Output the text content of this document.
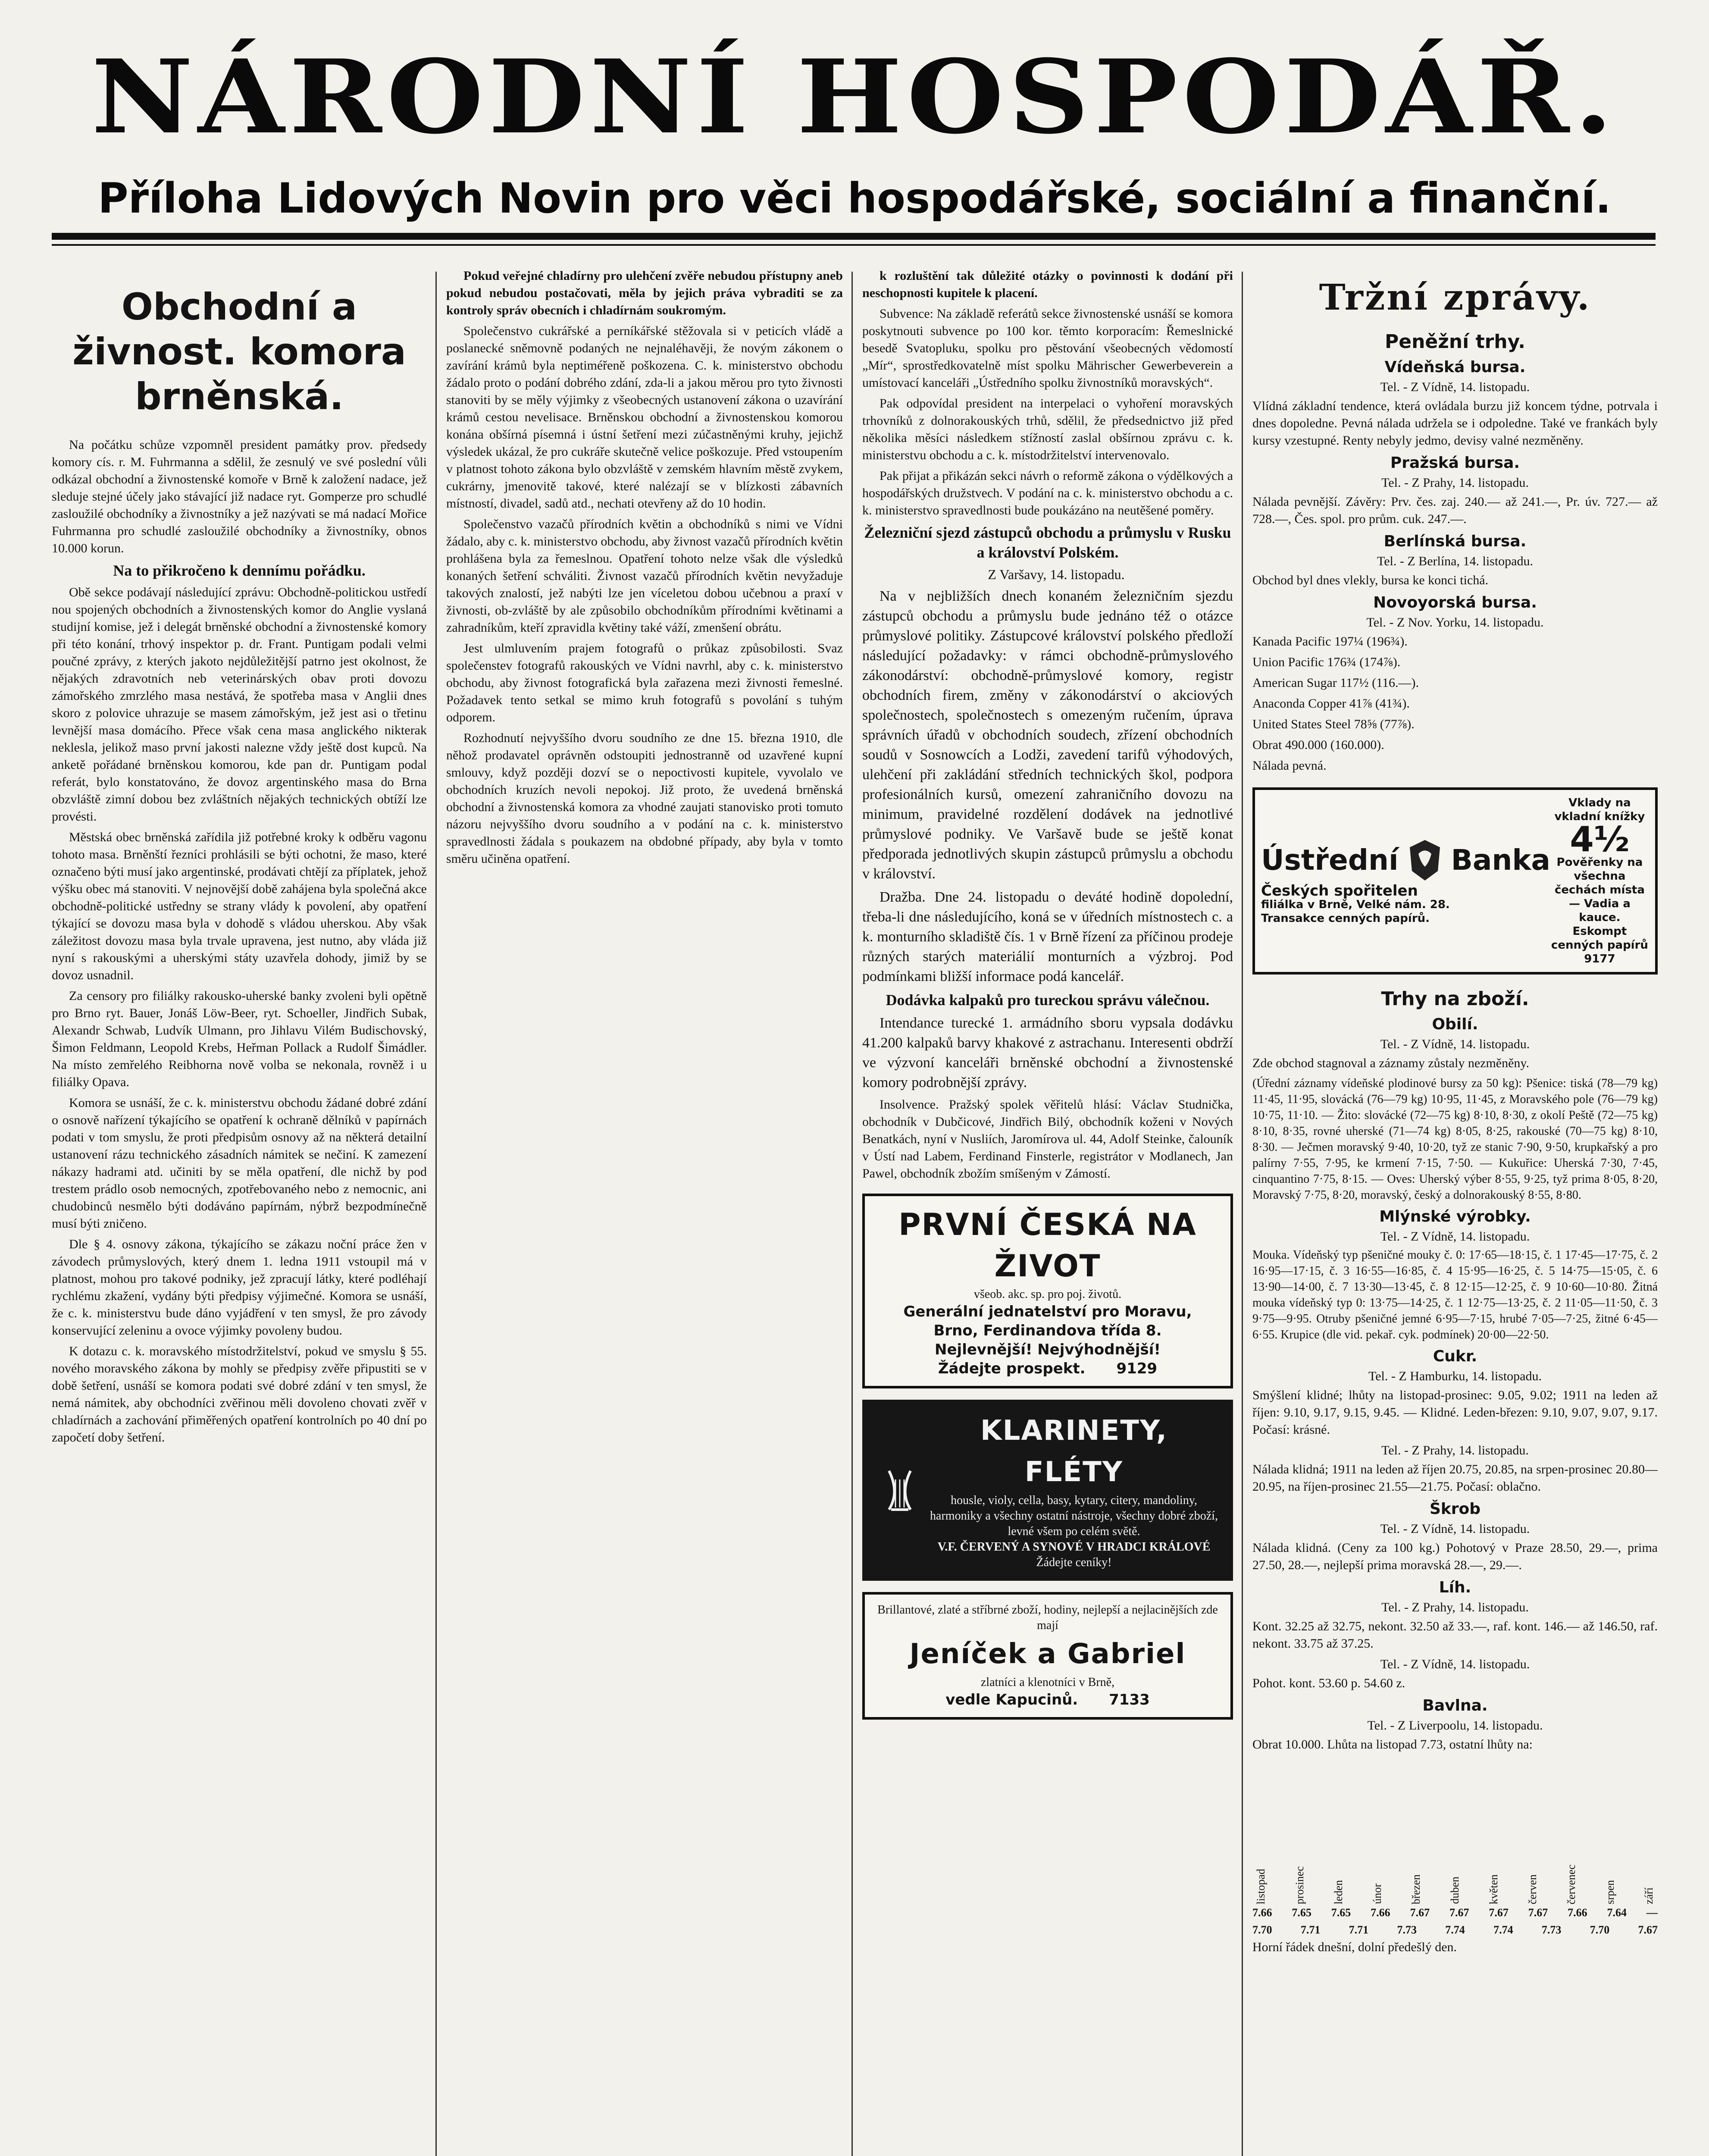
NÁRODNÍ HOSPODÁŘ.
Příloha Lidových Novin pro věci hospodářské, sociální a finanční.
Obchodní a živnost. komora brněnská.

Na počátku schůze vzpomněl president památky prov. předsedy komory cís. r. M. Fuhrmanna a sdělil, že zesnulý ve své poslední vůli odkázal obchodní a živnostenské komoře v Brně k založení nadace, jež sleduje stejné účely jako stávající již nadace ryt. Gomperze pro schudlé zasloužilé obchodníky a živnostníky a jež nazývati se má nadací Mořice Fuhrmanna pro schudlé zasloužilé obchodníky a živnostníky, obnos 10.000 korun.

Na to přikročeno k dennímu pořádku.

Obě sekce podávají následující zprávu: Obchodně-politickou ustředí nou spojených obchodních a živnostenských komor do Anglie vyslaná studijní komise, jež i delegát brněnské obchodní a živnostenské komory při této konání, trhový inspektor p. dr. Frant. Puntigam podali velmi poučné zprávy, z kterých jakoto nejdůležitější patrno jest okolnost, že nějakých zdravotních neb veterinárských obav proti dovozu zámořského zmrzlého masa nestává, že spotřeba masa v Anglii dnes skoro z polovice uhrazuje se masem zámořským, jež jest asi o třetinu levnější masa domácího. Přece však cena masa anglického nikterak neklesla, jelikož maso první jakosti nalezne vždy ještě dost kupců. Na anketě pořádané brněnskou komorou, kde pan dr. Puntigam podal referát, bylo konstatováno, že dovoz argentinského masa do Brna obzvláště zimní dobou bez zvláštních nějakých technických obtíží lze provésti.

Městská obec brněnská zařídila již potřebné kroky k odběru vagonu tohoto masa. Brněnští řezníci prohlásili se býti ochotni, že maso, které označeno býti musí jako argentinské, prodávati chtějí za příplatek, jehož výšku obec má stanoviti. V nejnovější době zahájena byla společná akce obchodně-politické ustředny se strany vlády k povolení, aby opatření týkající se dovozu masa byla v dohodě s vládou uherskou. Aby však záležitost dovozu masa byla trvale upravena, jest nutno, aby vláda již nyní s rakouskými a uherskými státy uzavřela dohody, jimiž by se dovoz usnadnil.

Za censory pro filiálky rakousko-uherské banky zvoleni byli opětně pro Brno ryt. Bauer, Jonáš Löw-Beer, ryt. Schoeller, Jindřich Subak, Alexandr Schwab, Ludvík Ulmann, pro Jihlavu Vilém Budischovský, Šimon Feldmann, Leopold Krebs, Heřman Pollack a Rudolf Šimádler. Na místo zemřelého Reibhorna nově volba se nekonala, rovněž i u filiálky Opava.

Komora se usnáší, že c. k. ministerstvu obchodu žádané dobré zdání o osnově nařízení týkajícího se opatření k ochraně dělníků v papírnách podati v tom smyslu, že proti předpisům osnovy až na některá detailní ustanovení rázu technického zásadních námitek se nečiní. K zamezení nákazy hadrami atd. učiniti by se měla opatření, dle nichž by pod trestem prádlo osob nemocných, zpotřebovaného nebo z nemocnic, ani chudobinců nesmělo býti dodáváno papírnám, nýbrž bezpodmínečně musí býti zničeno.

Dle § 4. osnovy zákona, týkajícího se zákazu noční práce žen v závodech průmyslových, který dnem 1. ledna 1911 vstoupil má v platnost, mohou pro takové podniky, jež zpracují látky, které podléhají rychlému zkažení, vydány býti předpisy výjimečné. Komora se usnáší, že c. k. ministerstvu bude dáno vyjádření v ten smysl, že pro závody konservující zeleninu a ovoce výjimky povoleny budou.

K dotazu c. k. moravského místodržitelství, pokud ve smyslu § 55. nového moravského zákona by mohly se předpisy zvěře připustiti se v době šetření, usnáší se komora podati své dobré zdání v ten smysl, že nemá námitek, aby obchodníci zvěřinou měli dovoleno chovati zvěř v chladírnách a zachování přiměřených opatření kontrolních po 40 dní po započetí doby šetření.

Pokud veřejné chladírny pro ulehčení zvěře nebudou přístupny aneb pokud nebudou postačovati, měla by jejich práva vybraditi se za kontroly správ obecních i chladírnám soukromým.

Společenstvo cukrářské a perníkářské stěžovala si v peticích vládě a poslanecké sněmovně podaných ne nejnaléhavěji, že novým zákonem o zavírání krámů byla neptiméřeně poškozena. C. k. ministerstvo obchodu žádalo proto o podání dobrého zdání, zda-li a jakou měrou pro tyto živnosti stanoviti by se měly výjimky z všeobecných ustanovení zákona o uzavírání krámů cestou nevelisace. Brněnskou obchodní a živnostenskou komorou konána obšírná písemná i ústní šetření mezi zúčastněnými kruhy, jejichž výsledek ukázal, že pro cukráře skutečně velice poškozuje. Před vstoupením v platnost tohoto zákona bylo obzvláště v zemském hlavním městě zvykem, cukrárny, jmenovitě takové, které nalézají se v blízkosti zábavních místností, divadel, sadů atd., nechati otevřeny až do 10 hodin.

Společenstvo vazačů přírodních květin a obchodníků s nimi ve Vídni žádalo, aby c. k. ministerstvo obchodu, aby živnost vazačů přírodních květin prohlášena byla za řemeslnou. Opatření tohoto nelze však dle výsledků konaných šetření schváliti. Živnost vazačů přírodních květin nevyžaduje takových znalostí, jež nabýti lze jen víceletou dobou učebnou a praxí v živnosti, ob-zvláště by ale způsobilo obchodníkům přírodními květinami a zahradníkům, kteří zpravidla květiny také váží, zmenšení obrátu.

Jest ulmluvením prajem fotografů o průkaz způsobilosti. Svaz společenstev fotografů rakouských ve Vídni navrhl, aby c. k. ministerstvo obchodu, aby živnost fotografická byla zařazena mezi živnosti řemeslné. Požadavek tento setkal se mimo kruh fotografů s povolání s tuhým odporem.

Rozhodnutí nejvyššího dvoru soudního ze dne 15. března 1910, dle něhož prodavatel oprávněn odstoupiti jednostranně od uzavřené kupní smlouvy, když později dozví se o nepoctivosti kupitele, vyvolalo ve obchodních kruzích nevoli nepokoj. Již proto, že uvedená brněnská obchodní a živnostenská komora za vhodné zaujati stanovisko proti tomuto názoru nejvyššího dvoru soudního a v podání na c. k. ministerstvo spravedlnosti žádala s poukazem na obdobné případy, aby byla v tomto směru učiněna opatření.

k rozluštění tak důležité otázky o povinnosti k dodání při neschopnosti kupitele k placení.

Subvence: Na základě referátů sekce živnostenské usnáší se komora poskytnouti subvence po 100 kor. těmto korporacím: Řemeslnické besedě Svatopluku, spolku pro pěstování všeobecných vědomostí „Mír“, sprostředkovatelně míst spolku Mährischer Gewerbeverein a umístovací kanceláři „Ústředního spolku živnostníků moravských“.

Pak odpovídal president na interpelaci o vyhoření moravských trhovníků z dolnorakouských trhů, sdělil, že předsednictvo již před několika měsíci následkem stížností zaslal obšírnou zprávu c. k. ministerstvu obchodu a c. k. místodržitelství intervenovalo.

Pak přijat a přikázán sekci návrh o reformě zákona o výdělkových a hospodářských družstvech. V podání na c. k. ministerstvo obchodu a c. k. ministerstvo spravedlnosti bude poukázáno na neutěšené poměry.

Železniční sjezd zástupců obchodu a průmyslu v Rusku a království Polském.

Z Varšavy, 14. listopadu.

Na v nejbližších dnech konaném železničním sjezdu zástupců obchodu a průmyslu bude jednáno též o otázce průmyslové politiky. Zástupcové království polského předloží následující požadavky: v rámci obchodně-průmyslového zákonodárství: obchodně-průmyslové komory, registr obchodních firem, změny v zákonodárství o akciových společnostech, společnostech s omezeným ručením, úprava správních úřadů v obchodních soudech, zřízení obchodních soudů v Sosnowcích a Lodži, zavedení tarifů výhodových, ulehčení při zakládání středních technických škol, podpora profesionálních kursů, omezení zahraničního dovozu na minimum, pravidelné rozdělení dodávek na jednotlivé průmyslové podniky. Ve Varšavě bude se ještě konat předporada jednotlivých skupin zástupců průmyslu a obchodu v království.

Dražba. Dne 24. listopadu o deváté hodině dopolední, třeba-li dne následujícího, koná se v úředních místnostech c. a k. monturního skladiště čís. 1 v Brně řízení za příčinou prodeje různých starých materiálií monturních a výzbroj. Pod podmínkami bližší informace podá kancelář.

Dodávka kalpaků pro tureckou správu válečnou.

Intendance turecké 1. armádního sboru vypsala dodávku 41.200 kalpaků barvy khakové z astrachanu. Interesenti obdrží ve výzvoní kanceláři brněnské obchodní a živnostenské komory podrobnější zprávy.

Insolvence. Pražský spolek věřitelů hlásí: Václav Studnička, obchodník v Dubčicové, Jindřich Bilý, obchodník koženi v Nových Benatkách, nyní v Nusliích, Jaromírova ul. 44, Adolf Steinke, čalouník v Ústí nad Labem, Ferdinand Finsterle, registrátor v Modlanech, Jan Pawel, obchodník zbožím smíšeným v Zámostí.

PRVNÍ ČESKÁ NA ŽIVOT
všeob. akc. sp. pro poj. životů.
Generální jednatelství pro Moravu,
Brno, Ferdinandova třída 8.
Nejlevnější! Nejvýhodnější!
Žádejte prospekt. 9129
KLARINETY, FLÉTY
housle, violy, cella, basy, kytary, citery, mandoliny, harmoniky a všechny ostatní nástroje, všechny dobré zboží, levné všem po celém světě.
V.F. ČERVENÝ A SYNOVÉ V HRADCI KRÁLOVÉ
Žádejte ceníky!
Brillantové, zlaté a stříbrné zboží, hodiny, nejlepší a nejlacinějších zde mají
Jeníček a Gabriel
zlatníci a klenotníci v Brně,
vedle Kapucinů. 7133
Tržní zprávy.
Peněžní trhy.
Vídeňská bursa.
Tel. - Z Vídně, 14. listopadu.

Vlídná základní tendence, která ovládala burzu již koncem týdne, potrvala i dnes dopoledne. Pevná nálada udržela se i odpoledne. Také ve frankách byly kursy vzestupné. Renty nebyly jedmo, devisy valné nezměněny.

Pražská bursa.
Tel. - Z Prahy, 14. listopadu.

Nálada pevnější. Závěry: Prv. čes. zaj. 240.— až 241.—, Pr. úv. 727.— až 728.—, Čes. spol. pro prům. cuk. 247.—.

Berlínská bursa.
Tel. - Z Berlína, 14. listopadu.

Obchod byl dnes vlekly, bursa ke konci tichá.

Novoyorská bursa.
Tel. - Z Nov. Yorku, 14. listopadu.

Kanada Pacific 197¼ (196¾).

Union Pacific 176¾ (174⅞).

American Sugar 117½ (116.—).

Anaconda Copper 41⅞ (41¾).

United States Steel 78⅝ (77⅞).

Obrat 490.000 (160.000).

Nálada pevná.

Ústřední Banka
Českých spořitelen
filiálka v Brně, Velké nám. 28.
Transakce cenných papírů.
Vklady na vkladní knížky
4½
Pověřenky na všechna čechách místa — Vadia a kauce.
Eskompt cenných papírů
9177
Trhy na zboží.
Obilí.
Tel. - Z Vídně, 14. listopadu.

Zde obchod stagnoval a záznamy zůstaly nezměněny.

(Úřední záznamy vídeňské plodinové bursy za 50 kg): Pšenice: tiská (78—79 kg) 11·45, 11·95, slovácká (76—79 kg) 10·95, 11·45, z Moravského pole (76—79 kg) 10·75, 11·10. — Žito: slovácké (72—75 kg) 8·10, 8·30, z okolí Peště (72—75 kg) 8·10, 8·35, rovné uherské (71—74 kg) 8·05, 8·25, rakouské (70—75 kg) 8·10, 8·30. — Ječmen moravský 9·40, 10·20, tyž ze stanic 7·90, 9·50, krupkařský a pro palírny 7·55, 7·95, ke krmení 7·15, 7·50. — Kukuřice: Uherská 7·30, 7·45, cinquantino 7·75, 8·15. — Oves: Uherský výber 8·55, 9·25, tyž prima 8·05, 8·20, Moravský 7·75, 8·20, moravský, český a dolnorakouský 8·55, 8·80.

Mlýnské výrobky.
Tel. - Z Vídně, 14. listopadu.

Mouka. Vídeňský typ pšeničné mouky č. 0: 17·65—18·15, č. 1 17·45—17·75, č. 2 16·95—17·15, č. 3 16·55—16·85, č. 4 15·95—16·25, č. 5 14·75—15·05, č. 6 13·90—14·00, č. 7 13·30—13·45, č. 8 12·15—12·25, č. 9 10·60—10·80. Žitná mouka vídeňský typ 0: 13·75—14·25, č. 1 12·75—13·25, č. 2 11·05—11·50, č. 3 9·75—9·95. Otruby pšeničné jemné 6·95—7·15, hrubé 7·05—7·25, žitné 6·45—6·55. Krupice (dle vid. pekař. cyk. podmínek) 20·00—22·50.

Cukr.
Tel. - Z Hamburku, 14. listopadu.

Smýšlení klidné; lhůty na listopad-prosinec: 9.05, 9.02; 1911 na leden až říjen: 9.10, 9.17, 9.15, 9.45. — Klidné. Leden-březen: 9.10, 9.07, 9.07, 9.17. Počasí: krásné.

Tel. - Z Prahy, 14. listopadu.

Nálada klidná; 1911 na leden až říjen 20.75, 20.85, na srpen-prosinec 20.80—20.95, na říjen-prosinec 21.55—21.75. Počasí: oblačno.

Škrob
Tel. - Z Vídně, 14. listopadu.

Nálada klidná. (Ceny za 100 kg.) Pohotový v Praze 28.50, 29.—, prima 27.50, 28.—, nejlepší prima moravská 28.—, 29.—.

Líh.
Tel. - Z Prahy, 14. listopadu.

Kont. 32.25 až 32.75, nekont. 32.50 až 33.—, raf. kont. 146.— až 146.50, raf. nekont. 33.75 až 37.25.

Tel. - Z Vídně, 14. listopadu.

Pohot. kont. 53.60 p. 54.60 z.

Bavlna.
Tel. - Z Liverpoolu, 14. listopadu.

Obrat 10.000. Lhůta na listopad 7.73, ostatní lhůty na:

listopad prosinec leden únor březen duben květen červen červenec srpen září
7.66 7.65 7.65 7.66 7.67 7.67 7.67 7.67 7.66 7.64 —
7.70	7.71	7.71	7.73	7.74	7.74	7.73	7.70	7.67

Horní řádek dnešní, dolní předešlý den.
